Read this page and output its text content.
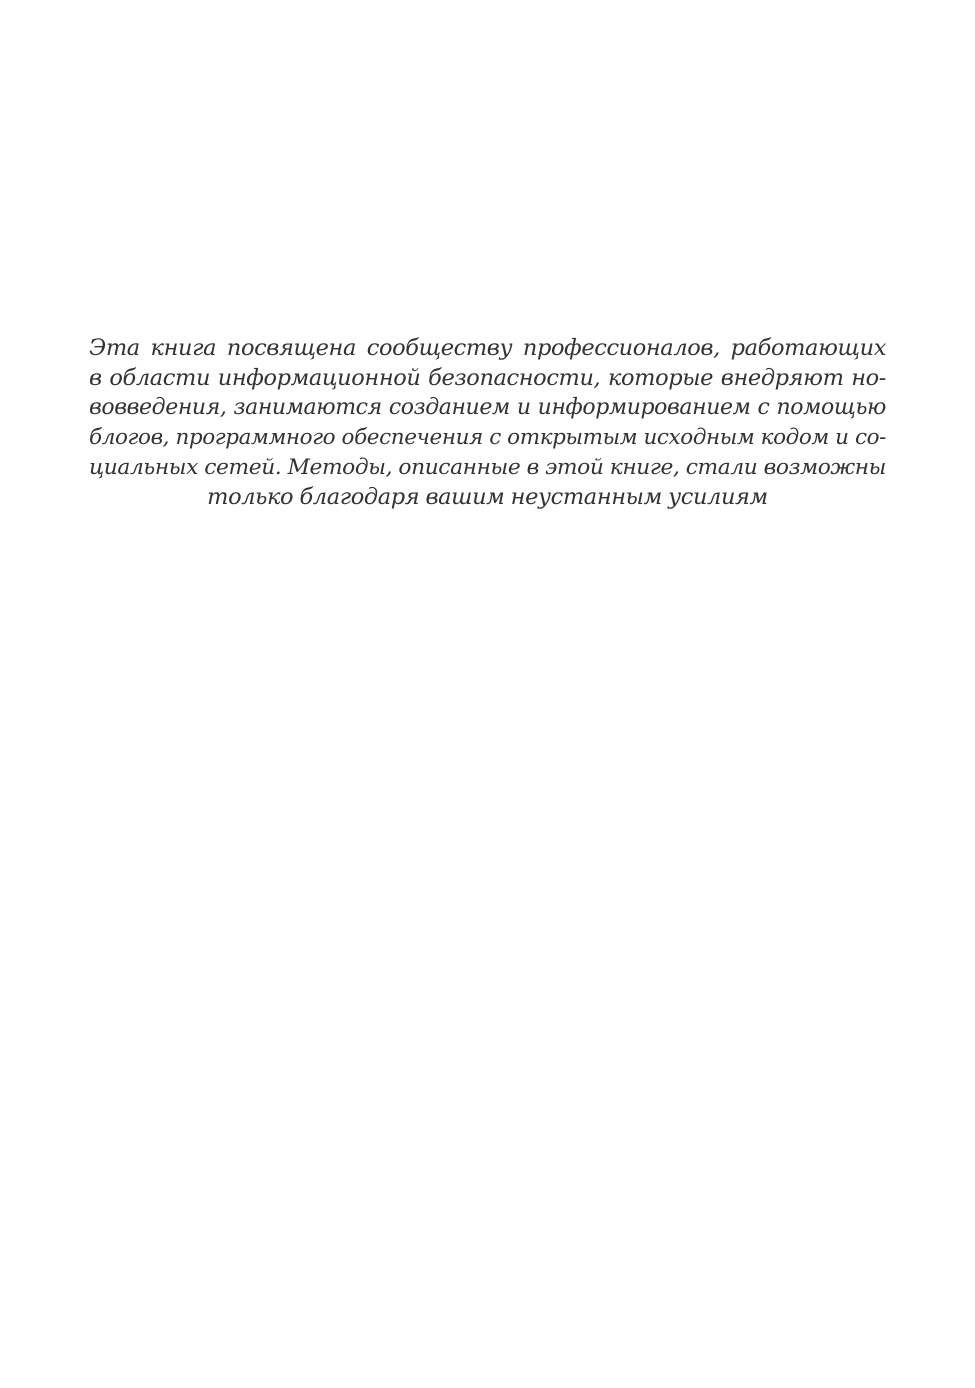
Эта книга посвящена сообществу профессионалов, работающих
в области информационной безопасности, которые внедряют но-
вовведения, занимаются созданием и информированием с помощью
блогов, программного обеспечения с открытым исходным кодом и со-
циальных сетей. Методы, описанные в этой книге, стали возможны
только благодаря вашим неустанным усилиям
